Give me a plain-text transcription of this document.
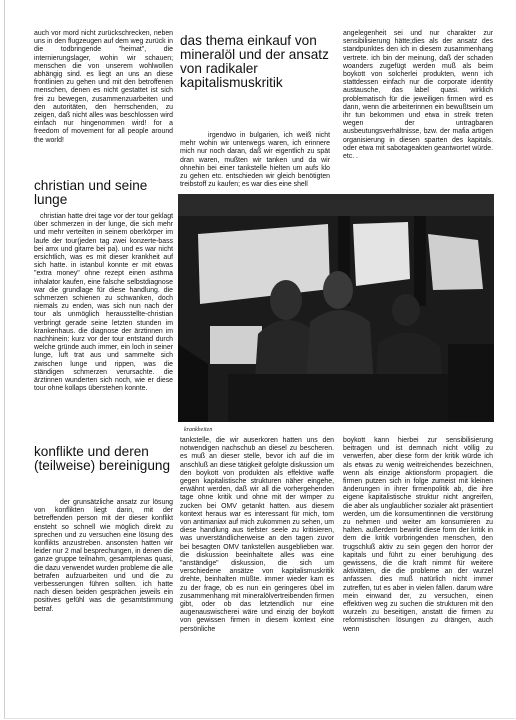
auch vor mord nicht zurückschrecken, neben uns in den flugzeugen auf dem weg zurück in die todbringende "heimat", die internierungslager, wohin wir schauen; menschen die von unserem wohlwollen abhängig sind. es liegt an uns an diese frontlinien zu gehen und mit den betroffenen menschen, denen es nicht gestattet ist sich frei zu bewegen, zusammenzuarbeiten und den autoritäten, den herrschenden, zu zeigen, daß nicht alles was beschlossen wird einfach nur hingenommen wird! for a freedom of movement for all people around the world!

das thema einkauf von mineralöl und der ansatz von radikaler kapitalismuskritik

irgendwo in bulgarien, ich weiß nicht mehr wohin wir unterwegs waren, ich erinnere mich nur noch daran, daß wir eigentlich zu spät dran waren, mußten wir tanken und da wir ohnehin bei einer tankstelle hielten um aufs klo zu gehen etc. entschieden wir gleich benötigten treibstoff zu kaufen; es war dies eine shell

angelegenheit sei und nur charakter zur sensibilisierung hätte;dies als der ansatz des standpunktes den ich in diesem zusammenhang vertrete. ich bin der meinung, daß der schaden woanders zugefügt werden muß als beim boykott von solcherlei produkten, wenn ich stattdessen einfach nur die corporate identity austausche, das label quasi. wirklich problematisch für die jeweiligen firmen wird es dann, wenn die arbeiterinnen ein bewußtsein um ihr tun bekommen und etwa in streik treten wegen der untragbaren ausbeutungsverhältnisse, bzw. der mafia artigen organisierung in diesen sparten des kapitals. oder etwa mit sabotageakten geantwortet würde. etc. .

christian und seine lunge

christian hatte drei tage vor der tour geklagt über schmerzen in der lunge, die sich mehr und mehr verteilten in seinem oberkörper im laufe der tour(jeden tag zwei konzerte-bass bei amx und gitarre bei pa). und es war nicht ersichtlich, was es mit dieser krankheit auf sich hatte. in istanbul konnte er mit etwas "extra money" ohne rezept einen asthma inhalator kaufen, eine falsche selbstdiagnose war die grundlage für diese handlung. die schmerzen schienen zu schwanken, doch niemals zu enden, was sich nun nach der tour als unmöglich herausstellte-christian verbringt gerade seine letzten stunden im krankenhaus. die diagnose der ärztinnen im nachhinein: kurz vor der tour entstand durch welche gründe auch immer, ein loch in seiner lunge, luft trat aus und sammelte sich zwischen lunge und rippen, was die ständigen schmerzen verursachte. die ärztinnen wunderten sich noch, wie er diese tour ohne kollaps überstehen konnte.

konflikte und deren (teilweise) bereinigung

der grunsätzliche ansatz zur lösung von konflikten liegt darin, mit der betreffenden person mit der dieser konflikt ensteht so schnell wie möglich direkt zu sprechen und zu versuchen eine lösung des konflikts anzustreben. ansonsten hatten wir leider nur 2 mal besprechungen, in denen die ganze gruppe teilnahm, gesamtplenas quasi, die dazu verwendet wurden probleme die alle betrafen aufzuarbeiten und und die zu verbesserungen führen sollten. ich hatte nach diesen beiden gesprächen jeweils ein positives gefühl was die gesamtstimmung betraf.

krankheiten

tankstelle, die wir auserkoren hatten uns den notwendigen nachschub an diesel zu bescheren. es muß an dieser stelle, bevor ich auf die im anschluß an diese tätigkeit gefolgte diskussion um den boykott von produkten als effektive waffe gegen kapitalistische strukturen näher eingehe, erwähnt werden, daß wir all die vorhergehenden tage ohne kritik und ohne mit der wimper zu zucken bei OMV getankt hatten. aus diesem kontext heraus war es interessant für mich, tom von antimaniax auf mich zukommen zu sehen, um diese handlung aus tiefster seele zu kritisieren, was unverständlicherweise an den tagen zuvor bei besagten OMV tankstellen ausgeblieben war. die diskussion beeinhaltete alles was eine "anständige" diskussion, die sich um verschiedene ansätze von kapitalismuskritik drehte, beinhalten müßte. immer wieder kam es zu der frage, ob es nun ein geringeres übel im zusammenhang mit mineralölvertreibenden firmen gibt, oder ob das letztendlich nur eine augenauswischerei wäre und einzig der boykott von gewissen firmen in diesem kontext eine persönliche

boykott kann hierbei zur sensibilisierung beitragen und ist demnach nicht völlig zu verwerfen, aber diese form der kritik würde ich als etwas zu wenig weitreichendes bezeichnen, wenn als einzige aktionsform propagiert. die firmen putzen sich in folge zumeist mit kleinen änderungen in ihrer firmenpolitik ab, die ihre eigene kapitalistische struktur nicht angreifen, die aber als unglaublicher sozialer akt präsentiert werden, um die konsumentinnen die verstörung zu nehmen und weiter am konsumieren zu halten. außerdem bewirkt diese form der kritik in dem die kritik vorbringenden menschen, den trugschluß aktiv zu sein gegen den horror der kapitals und führt zu einer beruhigung des gewissens, die die kraft nimmt für weitere aktivitäten, die die probleme an der wurzel anfassen. dies muß natürlich nicht immer zutreffen, tut es aber in vielen fällen. darum wäre mein einwand der, zu versuchen, einen effektiven weg zu suchen die strukturen mit den wurzeln zu beseitigen, anstatt die firmen zu reformistischen lösungen zu drängen, auch wenn
